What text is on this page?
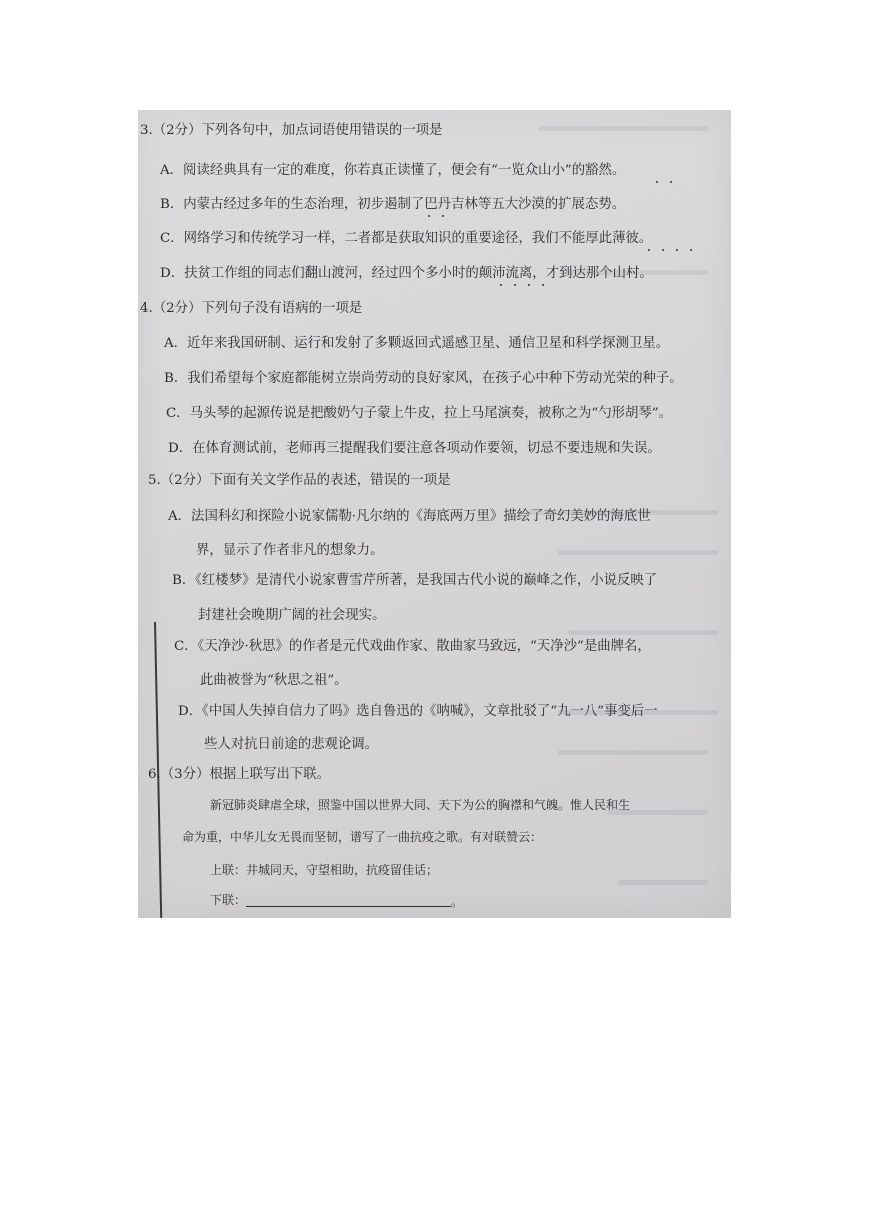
3.（2分）下列各句中，加点词语使用错误的一项是
A．阅读经典具有一定的难度，你若真正读懂了，便会有“一览众山小”的豁然。
B．内蒙古经过多年的生态治理，初步遏制了巴丹吉林等五大沙漠的扩展态势。
C．网络学习和传统学习一样，二者都是获取知识的重要途径，我们不能厚此薄彼。
D．扶贫工作组的同志们翻山渡河，经过四个多小时的颠沛流离，才到达那个山村。
4.（2分）下列句子没有语病的一项是
A．近年来我国研制、运行和发射了多颗返回式遥感卫星、通信卫星和科学探测卫星。
B．我们希望每个家庭都能树立崇尚劳动的良好家风，在孩子心中种下劳动光荣的种子。
C．马头琴的起源传说是把酸奶勺子蒙上牛皮，拉上马尾演奏，被称之为“勺形胡琴”。
D．在体育测试前，老师再三提醒我们要注意各项动作要领，切忌不要违规和失误。
5.（2分）下面有关文学作品的表述，错误的一项是
A．法国科幻和探险小说家儒勒·凡尔纳的《海底两万里》描绘了奇幻美妙的海底世
界，显示了作者非凡的想象力。
B．《红楼梦》是清代小说家曹雪芹所著，是我国古代小说的巅峰之作，小说反映了
封建社会晚期广阔的社会现实。
C．《天净沙·秋思》的作者是元代戏曲作家、散曲家马致远，“天净沙”是曲牌名，
此曲被誉为“秋思之祖”。
D．《中国人失掉自信力了吗》选自鲁迅的《呐喊》，文章批驳了“九一八”事变后一
些人对抗日前途的悲观论调。
6.（3分）根据上联写出下联。
新冠肺炎肆虐全球，照鉴中国以世界大同、天下为公的胸襟和气魄。惟人民和生
命为重，中华儿女无畏而坚韧，谱写了一曲抗疫之歌。有对联赞云：
上联：井城同天，守望相助，抗疫留佳话；
下联：	。
